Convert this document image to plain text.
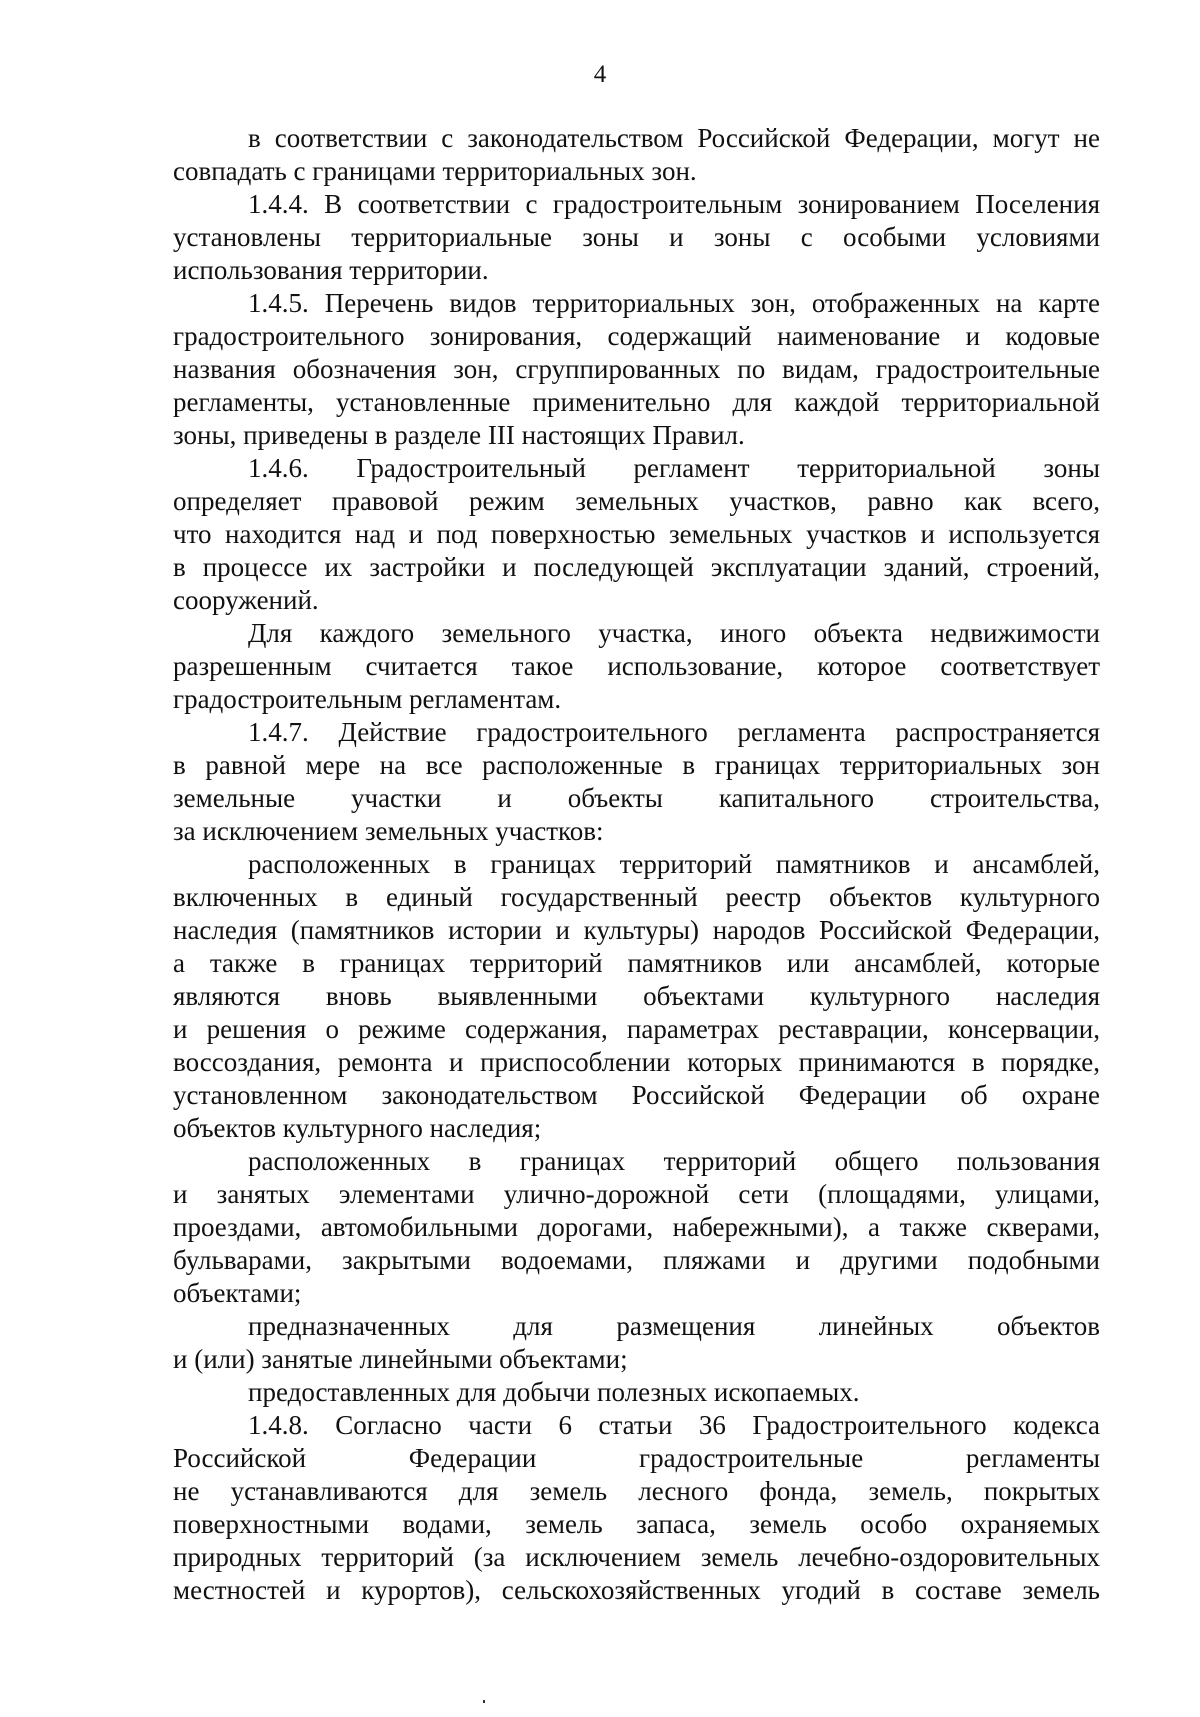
4
в соответствии с законодательством Российской Федерации, могут не
совпадать с границами территориальных зон.
1.4.4. В соответствии с градостроительным зонированием Поселения
установлены территориальные зоны и зоны с особыми условиями
использования территории.
1.4.5. Перечень видов территориальных зон, отображенных на карте
градостроительного зонирования, содержащий наименование и кодовые
названия обозначения зон, сгруппированных по видам, градостроительные
регламенты, установленные применительно для каждой территориальной
зоны, приведены в разделе III настоящих Правил.
1.4.6. Градостроительный регламент территориальной зоны
определяет правовой режим земельных участков, равно как всего,
что находится над и под поверхностью земельных участков и используется
в процессе их застройки и последующей эксплуатации зданий, строений,
сооружений.
Для каждого земельного участка, иного объекта недвижимости
разрешенным считается такое использование, которое соответствует
градостроительным регламентам.
1.4.7. Действие градостроительного регламента распространяется
в равной мере на все расположенные в границах территориальных зон
земельные участки и объекты капитального строительства,
за исключением земельных участков:
расположенных в границах территорий памятников и ансамблей,
включенных в единый государственный реестр объектов культурного
наследия (памятников истории и культуры) народов Российской Федерации,
а также в границах территорий памятников или ансамблей, которые
являются вновь выявленными объектами культурного наследия
и решения о режиме содержания, параметрах реставрации, консервации,
воссоздания, ремонта и приспособлении которых принимаются в порядке,
установленном законодательством Российской Федерации об охране
объектов культурного наследия;
расположенных в границах территорий общего пользования
и занятых элементами улично-дорожной сети (площадями, улицами,
проездами, автомобильными дорогами, набережными), а также скверами,
бульварами, закрытыми водоемами, пляжами и другими подобными
объектами;
предназначенных для размещения линейных объектов
и (или) занятые линейными объектами;
предоставленных для добычи полезных ископаемых.
1.4.8. Согласно части 6 статьи 36 Градостроительного кодекса
Российской Федерации градостроительные регламенты
не устанавливаются для земель лесного фонда, земель, покрытых
поверхностными водами, земель запаса, земель особо охраняемых
природных территорий (за исключением земель лечебно-оздоровительных
местностей и курортов), сельскохозяйственных угодий в составе земель
